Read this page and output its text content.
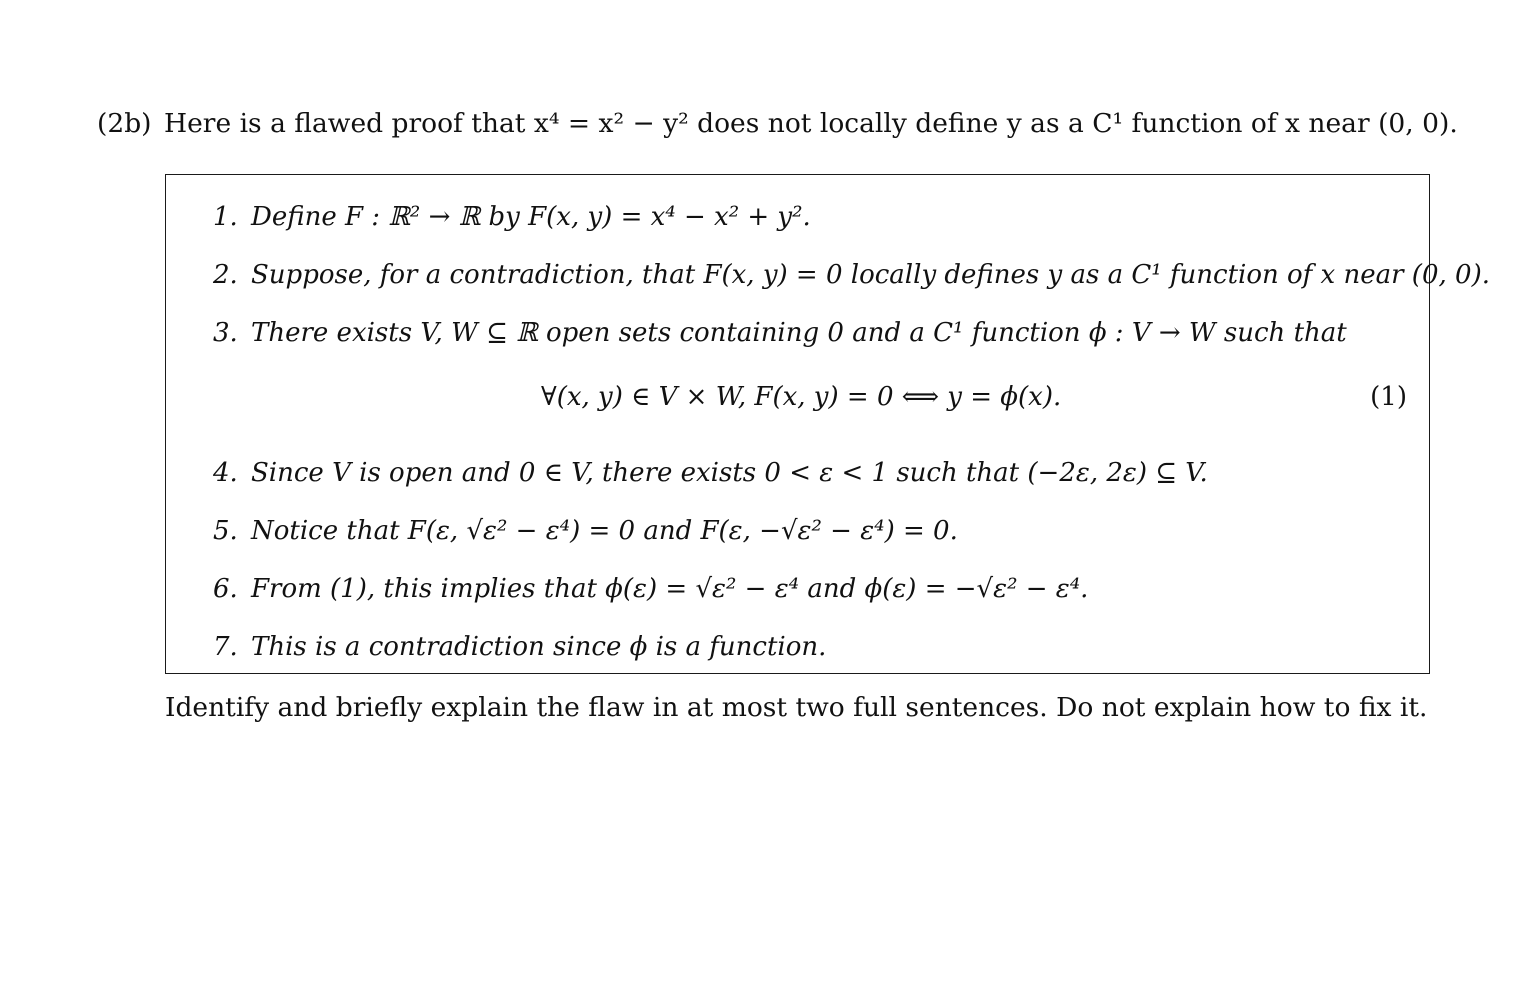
(2b) Here is a flawed proof that x⁴ = x² − y² does not locally define y as a C¹ function of x near (0, 0).
1. Define F : ℝ² → ℝ by F(x, y) = x⁴ − x² + y².
2. Suppose, for a contradiction, that F(x, y) = 0 locally defines y as a C¹ function of x near (0, 0).
3. There exists V, W ⊆ ℝ open sets containing 0 and a C¹ function ϕ : V → W such that
∀(x, y) ∈ V × W, F(x, y) = 0 ⟺ y = ϕ(x).	(1)
4. Since V is open and 0 ∈ V, there exists 0 < ε < 1 such that (−2ε, 2ε) ⊆ V.
5. Notice that F(ε, √ε² − ε⁴) = 0 and F(ε, −√ε² − ε⁴) = 0.
6. From (1), this implies that ϕ(ε) = √ε² − ε⁴ and ϕ(ε) = −√ε² − ε⁴.
7. This is a contradiction since ϕ is a function.
Identify and briefly explain the flaw in at most two full sentences. Do not explain how to fix it.
